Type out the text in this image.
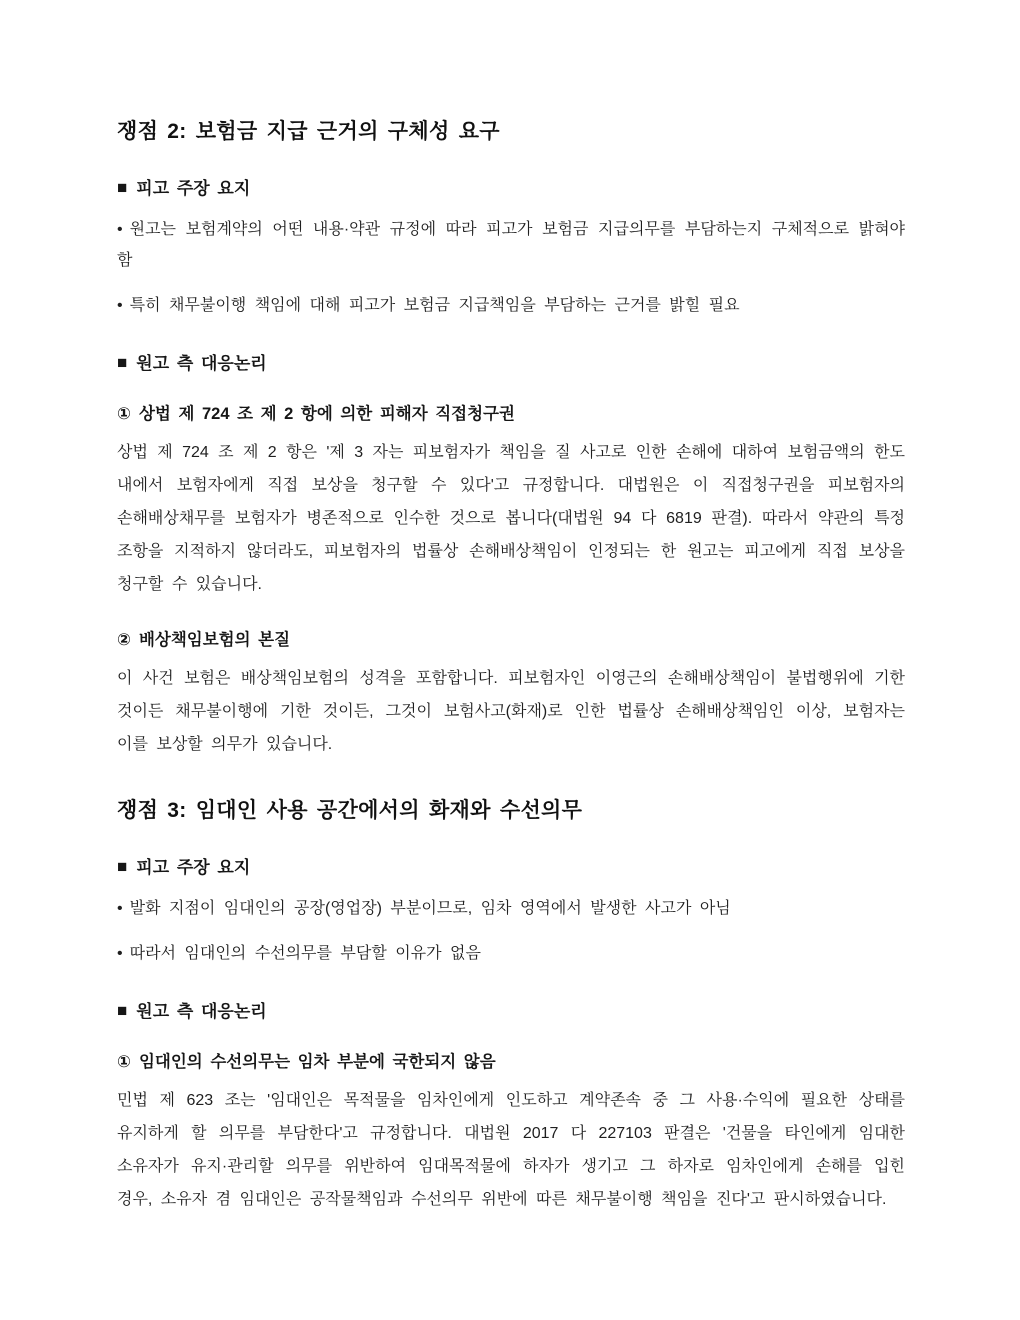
쟁점 2: 보험금 지급 근거의 구체성 요구
■ 피고 주장 요지

• 원고는 보험계약의 어떤 내용·약관 규정에 따라 피고가 보험금 지급의무를 부담하는지 구체적으로 밝혀야 함

• 특히 채무불이행 책임에 대해 피고가 보험금 지급책임을 부담하는 근거를 밝힐 필요

■ 원고 측 대응논리
① 상법 제 724 조 제 2 항에 의한 피해자 직접청구권

상법 제 724 조 제 2 항은 '제 3 자는 피보험자가 책임을 질 사고로 인한 손해에 대하여 보험금액의 한도 내에서 보험자에게 직접 보상을 청구할 수 있다'고 규정합니다. 대법원은 이 직접청구권을 피보험자의 손해배상채무를 보험자가 병존적으로 인수한 것으로 봅니다(대법원 94 다 6819 판결). 따라서 약관의 특정 조항을 지적하지 않더라도, 피보험자의 법률상 손해배상책임이 인정되는 한 원고는 피고에게 직접 보상을 청구할 수 있습니다.

② 배상책임보험의 본질

이 사건 보험은 배상책임보험의 성격을 포함합니다. 피보험자인 이영근의 손해배상책임이 불법행위에 기한 것이든 채무불이행에 기한 것이든, 그것이 보험사고(화재)로 인한 법률상 손해배상책임인 이상, 보험자는 이를 보상할 의무가 있습니다.

쟁점 3: 임대인 사용 공간에서의 화재와 수선의무
■ 피고 주장 요지

• 발화 지점이 임대인의 공장(영업장) 부분이므로, 임차 영역에서 발생한 사고가 아님

• 따라서 임대인의 수선의무를 부담할 이유가 없음

■ 원고 측 대응논리
① 임대인의 수선의무는 임차 부분에 국한되지 않음

민법 제 623 조는 '임대인은 목적물을 임차인에게 인도하고 계약존속 중 그 사용·수익에 필요한 상태를 유지하게 할 의무를 부담한다'고 규정합니다. 대법원 2017 다 227103 판결은 '건물을 타인에게 임대한 소유자가 유지·관리할 의무를 위반하여 임대목적물에 하자가 생기고 그 하자로 임차인에게 손해를 입힌 경우, 소유자 겸 임대인은 공작물책임과 수선의무 위반에 따른 채무불이행 책임을 진다'고 판시하였습니다.
